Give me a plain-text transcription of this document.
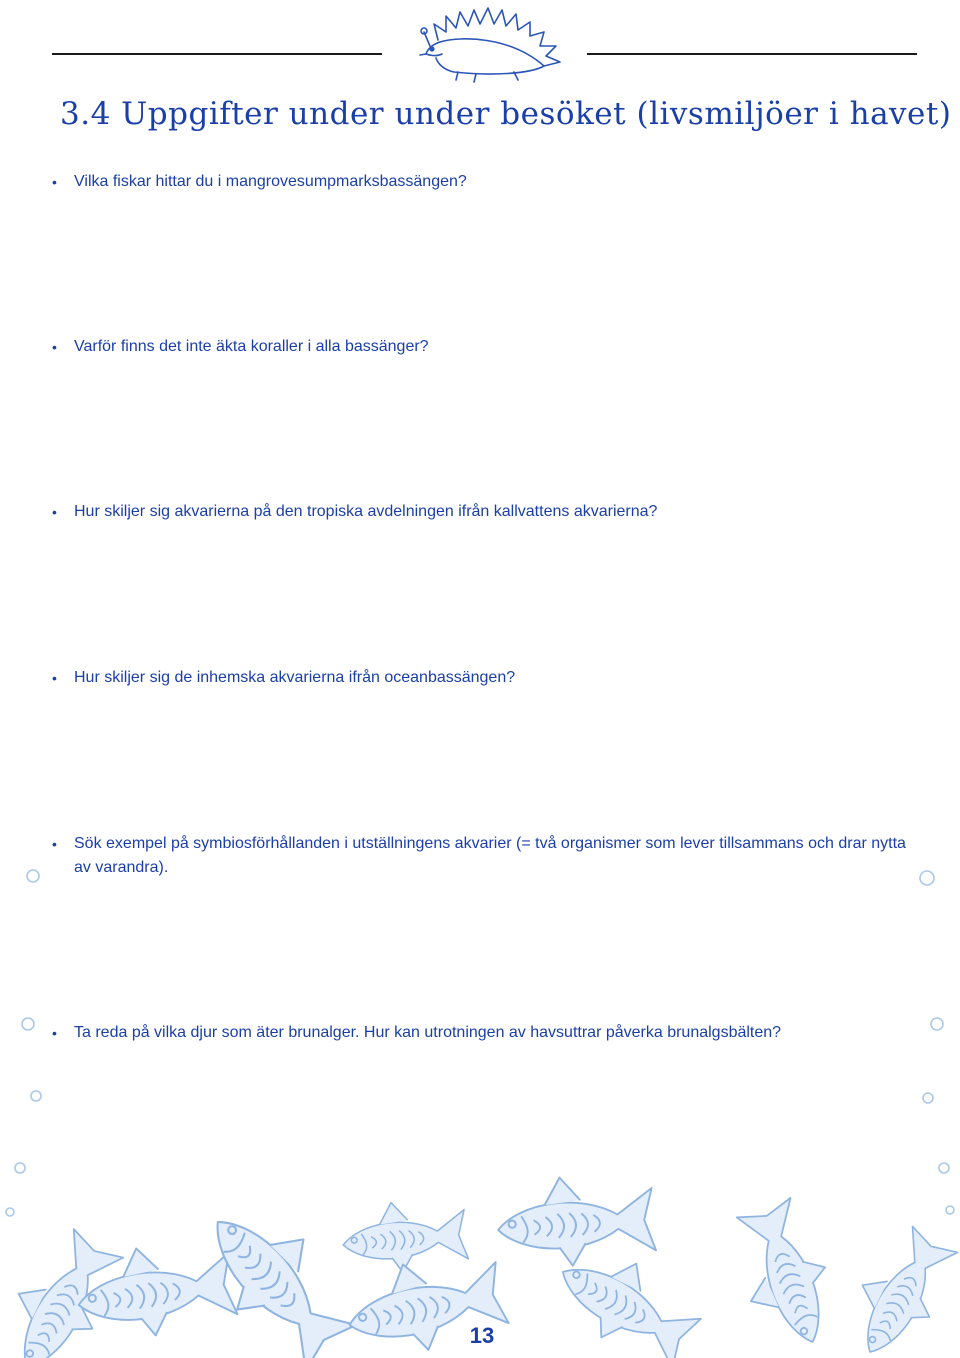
3.4 Uppgifter under under besöket (livsmiljöer i havet)
• Vilka fiskar hittar du i mangrovesumpmarksbassängen?
• Varför finns det inte äkta koraller i alla bassänger?
• Hur skiljer sig akvarierna på den tropiska avdelningen ifrån kallvattens akvarierna?
• Hur skiljer sig de inhemska akvarierna ifrån oceanbassängen?
• Sök exempel på symbiosförhållanden i utställningens akvarier (= två organismer som lever tillsammans och drar nytta av varandra).
• Ta reda på vilka djur som äter brunalger. Hur kan utrotningen av havsuttrar påverka brunalgsbälten?
13
